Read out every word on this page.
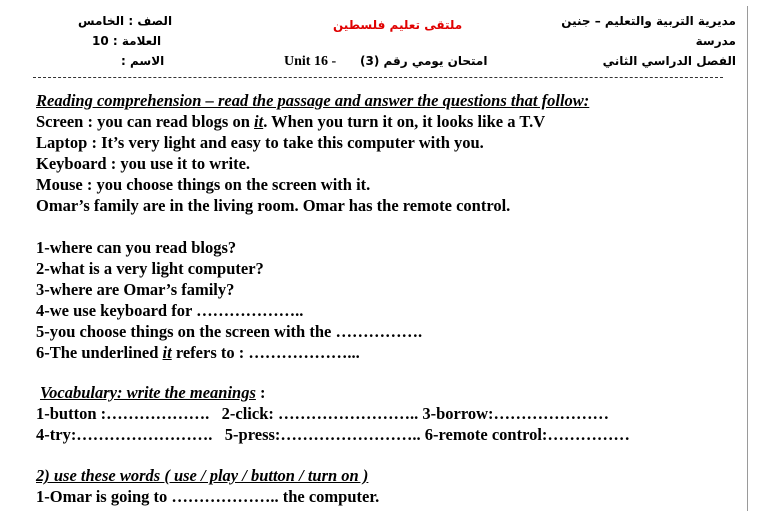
مديرية التربية والتعليم – جنين
مدرسة
الفصل الدراسي الثاني
ملتقى تعليم فلسطين
امتحان يومي رقم (3)
Unit 16 -
الصف : الخامس
العلامة : 10
الاسم :
Reading comprehension – read the passage and answer the questions that follow:
Screen : you can read blogs on it. When you turn it on, it looks like a T.V
Laptop : It’s very light and easy to take this computer with you.
Keyboard : you use it to write.
Mouse : you choose things on the screen with it.
Omar’s family are in the living room. Omar has the remote control.
1-where can you read blogs?
2-what is a very light computer?
3-where are Omar’s family?
4-we use keyboard for ………………..
5-you choose things on the screen with the …………….
6-The underlined it refers to : ………………...
Vocabulary: write the meanings :
1-button :……………….   2-click: …………………….. 3-borrow:…………………
4-try:…………………….   5-press:…………………….. 6-remote control:……………
2) use these words ( use / play / button / turn on )
1-Omar is going to ……………….. the computer.
